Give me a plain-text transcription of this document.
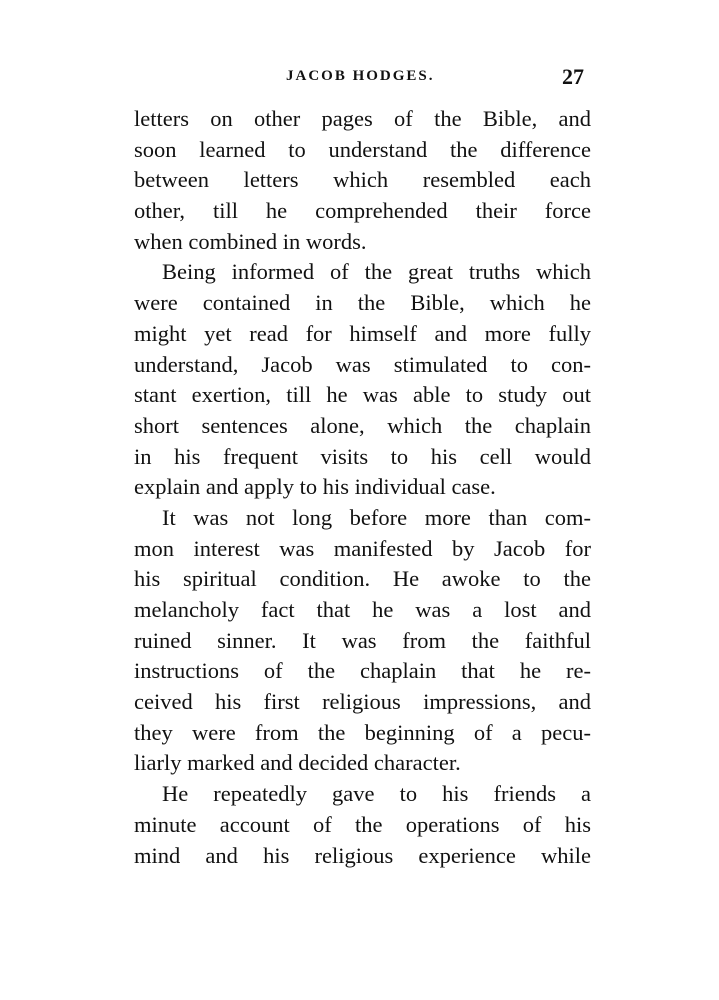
JACOB HODGES.	27
letters on other pages of the Bible, and
soon learned to understand the difference
between letters which resembled each
other, till he comprehended their force
when combined in words.
Being informed of the great truths which
were contained in the Bible, which he
might yet read for himself and more fully
understand, Jacob was stimulated to con-
stant exertion, till he was able to study out
short sentences alone, which the chaplain
in his frequent visits to his cell would
explain and apply to his individual case.
It was not long before more than com-
mon interest was manifested by Jacob for
his spiritual condition. He awoke to the
melancholy fact that he was a lost and
ruined sinner. It was from the faithful
instructions of the chaplain that he re-
ceived his first religious impressions, and
they were from the beginning of a pecu-
liarly marked and decided character.
He repeatedly gave to his friends a
minute account of the operations of his
mind and his religious experience while
